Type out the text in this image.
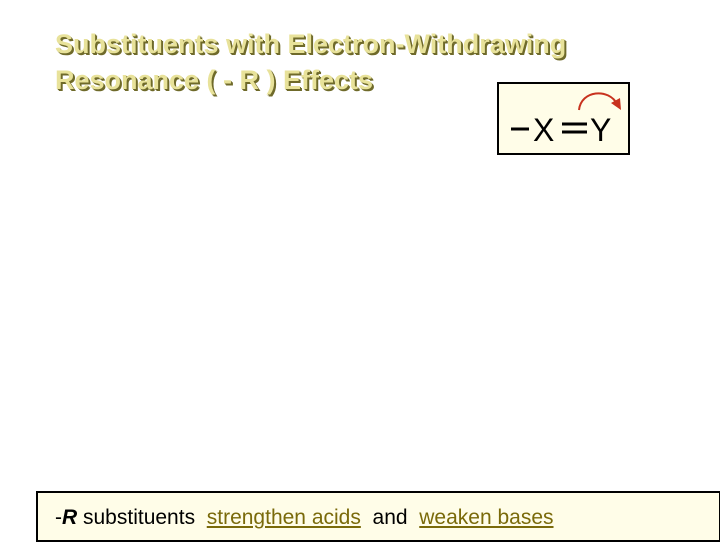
Substituents with Electron-Withdrawing
Resonance ( - R ) Effects
X Y
-R substituents  strengthen acids  and  weaken bases
